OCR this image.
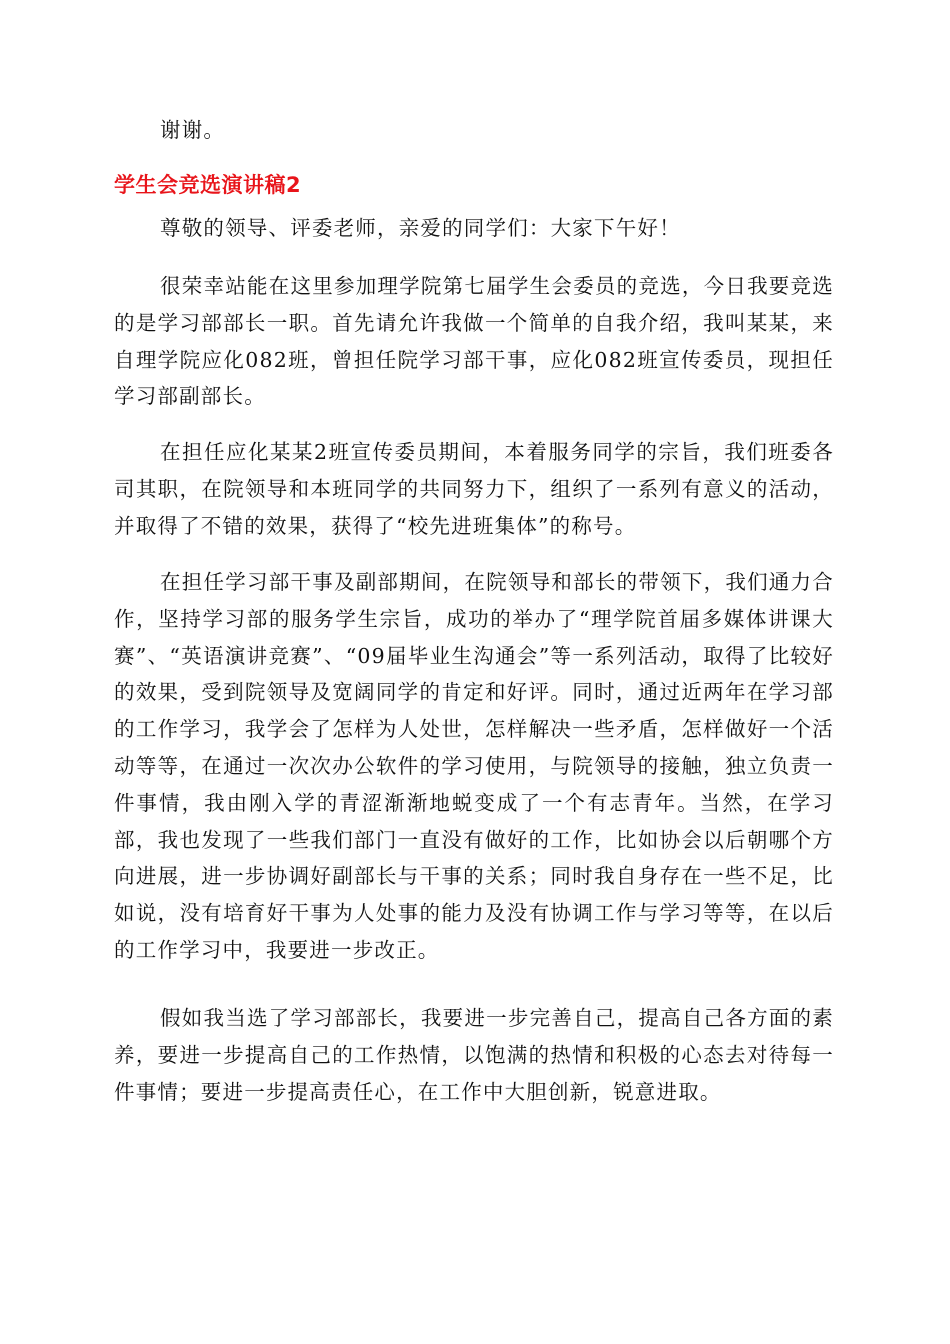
谢谢。

学生会竞选演讲稿2

尊敬的领导、评委老师，亲爱的同学们：大家下午好！

很荣幸站能在这里参加理学院第七届学生会委员的竞选，今日我要竞选的是学习部部长一职。首先请允许我做一个简单的自我介绍，我叫某某，来自理学院应化082班，曾担任院学习部干事，应化082班宣传委员，现担任学习部副部长。

在担任应化某某2班宣传委员期间，本着服务同学的宗旨，我们班委各司其职，在院领导和本班同学的共同努力下，组织了一系列有意义的活动，并取得了不错的效果，获得了“校先进班集体”的称号。

在担任学习部干事及副部期间，在院领导和部长的带领下，我们通力合作，坚持学习部的服务学生宗旨，成功的举办了“理学院首届多媒体讲课大赛”、“英语演讲竞赛”、“09届毕业生沟通会”等一系列活动，取得了比较好的效果，受到院领导及宽阔同学的肯定和好评。同时，通过近两年在学习部的工作学习，我学会了怎样为人处世，怎样解决一些矛盾，怎样做好一个活动等等，在通过一次次办公软件的学习使用，与院领导的接触，独立负责一件事情，我由刚入学的青涩渐渐地蜕变成了一个有志青年。当然，在学习部，我也发现了一些我们部门一直没有做好的工作，比如协会以后朝哪个方向进展，进一步协调好副部长与干事的关系；同时我自身存在一些不足，比如说，没有培育好干事为人处事的能力及没有协调工作与学习等等，在以后的工作学习中，我要进一步改正。

假如我当选了学习部部长，我要进一步完善自己，提高自己各方面的素养，要进一步提高自己的工作热情，以饱满的热情和积极的心态去对待每一件事情；要进一步提高责任心，在工作中大胆创新，锐意进取。
